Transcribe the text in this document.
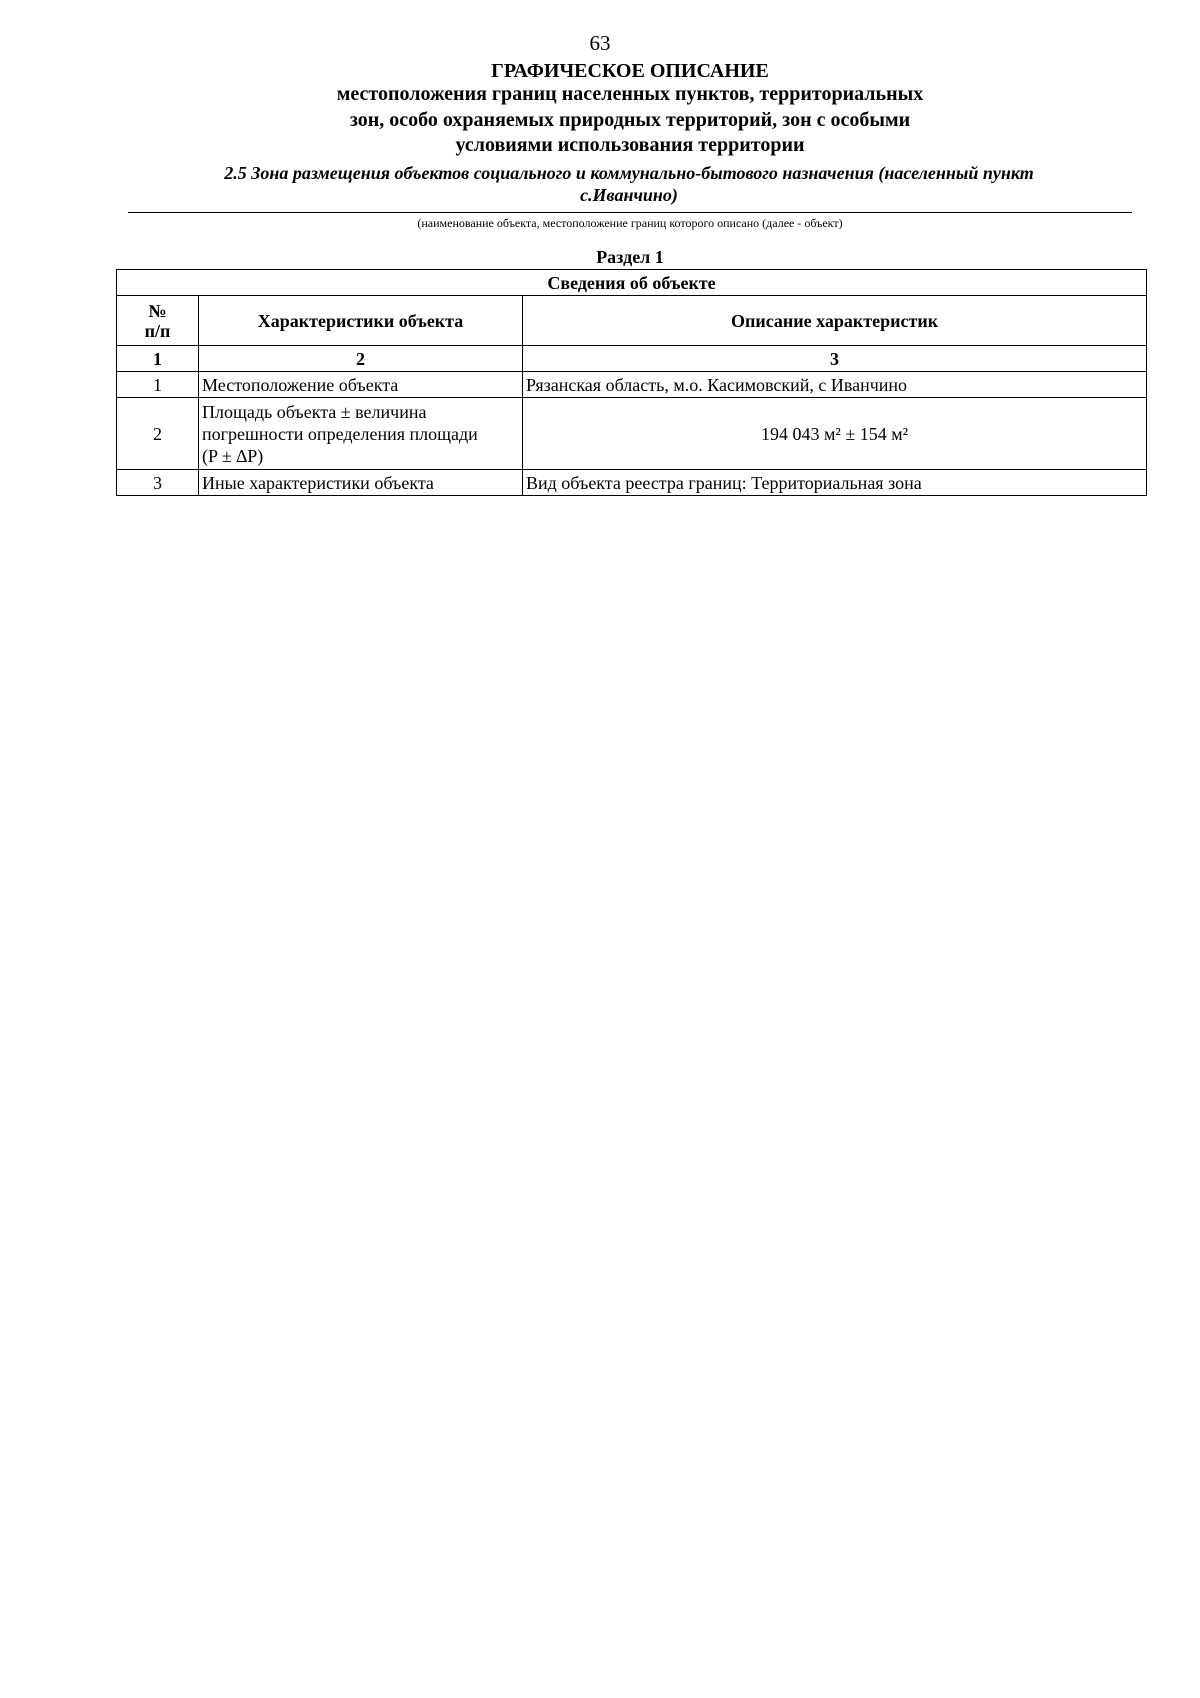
63
ГРАФИЧЕСКОЕ ОПИСАНИЕ
местоположения границ населенных пунктов, территориальных
зон, особо охраняемых природных территорий, зон с особыми
условиями использования территории
2.5 Зона размещения объектов социального и коммунально-бытового назначения (населенный пункт
с.Иванчино)
(наименование объекта, местоположение границ которого описано (далее - объект)
Раздел 1
Сведения об объекте		
№
п/п	Характеристики объекта	Описание характеристик
1	2	3
1	Местоположение объекта	Рязанская область, м.о. Касимовский, с Иванчино
2	Площадь объекта ± величина
погрешности определения площади
(P ± ∆P)	194 043 м² ± 154 м²
3	Иные характеристики объекта	Вид объекта реестра границ: Территориальная зона
